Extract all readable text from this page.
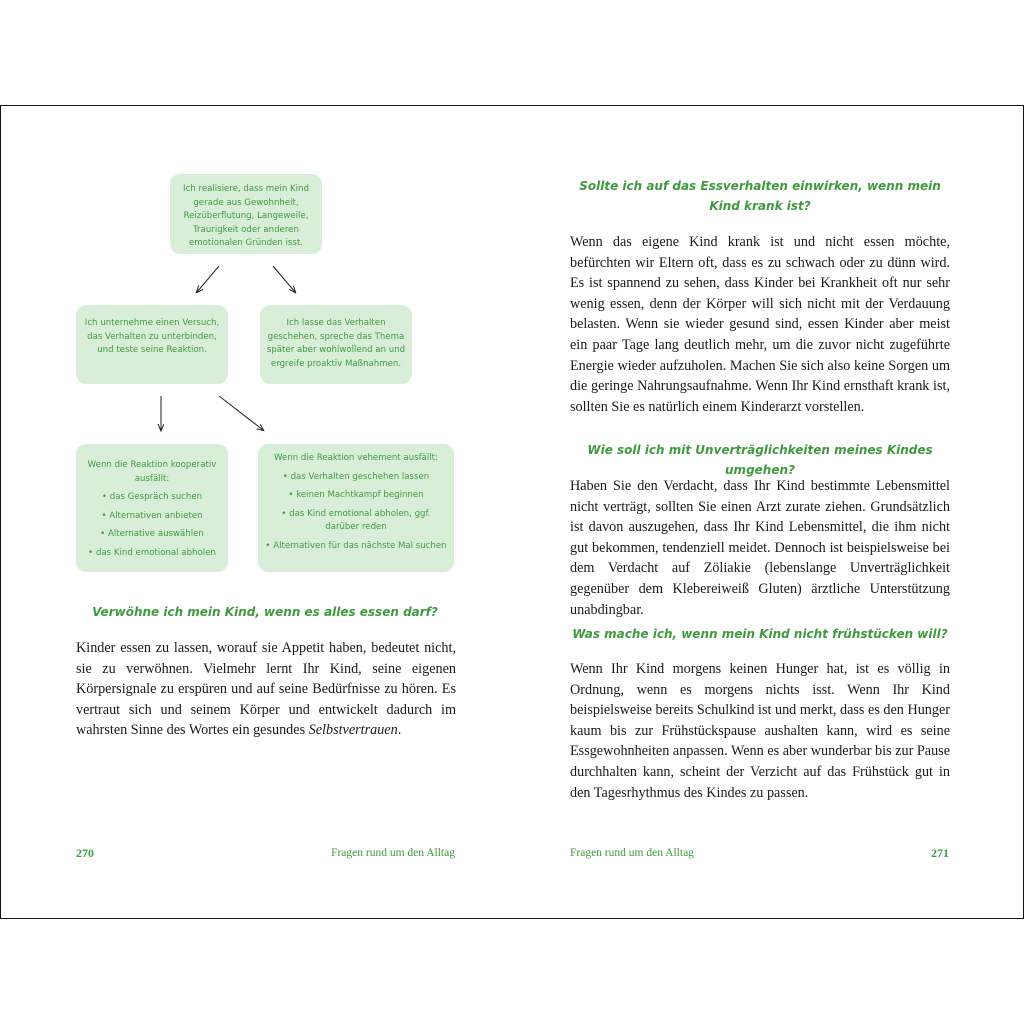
Ich realisiere, dass mein Kind gerade aus Gewohnheit, Reizüberflutung, Langeweile, Traurigkeit oder anderen emotionalen Gründen isst.
Ich unternehme einen Versuch, das Verhalten zu unterbinden, und teste seine Reaktion.
Ich lasse das Verhalten geschehen, spreche das Thema später aber wohlwollend an und ergreife proaktiv Maßnahmen.

Wenn die Reaktion kooperativ ausfällt:

• das Gespräch suchen
• Alternativen anbieten
• Alternative auswählen
• das Kind emotional abholen

Wenn die Reaktion vehement ausfällt:

• das Verhalten geschehen lassen
• keinen Machtkampf beginnen
• das Kind emotional abholen, ggf. darüber reden
• Alternativen für das nächste Mal suchen
Verwöhne ich mein Kind, wenn es alles essen darf?

Kinder essen zu lassen, worauf sie Appetit haben, bedeutet nicht, sie zu verwöhnen. Vielmehr lernt Ihr Kind, seine eigenen Körpersignale zu erspüren und auf seine Bedürfnisse zu hören. Es vertraut sich und seinem Körper und entwickelt dadurch im wahrsten Sinne des Wortes ein gesundes Selbstvertrauen.

270	Fragen rund um den Alltag
Sollte ich auf das Essverhalten einwirken, wenn mein Kind krank ist?

Wenn das eigene Kind krank ist und nicht essen möchte, befürchten wir Eltern oft, dass es zu schwach oder zu dünn wird. Es ist spannend zu sehen, dass Kinder bei Krankheit oft nur sehr wenig essen, denn der Körper will sich nicht mit der Verdauung belasten. Wenn sie wieder gesund sind, essen Kinder aber meist ein paar Tage lang deutlich mehr, um die zuvor nicht zugeführte Energie wieder aufzuholen. Machen Sie sich also keine Sorgen um die geringe Nahrungsaufnahme. Wenn Ihr Kind ernsthaft krank ist, sollten Sie es natürlich einem Kinderarzt vorstellen.

Wie soll ich mit Unverträglichkeiten meines Kindes umgehen?

Haben Sie den Verdacht, dass Ihr Kind bestimmte Lebensmittel nicht verträgt, sollten Sie einen Arzt zurate ziehen. Grundsätzlich ist davon auszugehen, dass Ihr Kind Lebensmittel, die ihm nicht gut bekommen, tendenziell meidet. Dennoch ist beispielsweise bei dem Verdacht auf Zöliakie (lebenslange Unverträglichkeit gegenüber dem Klebereiweiß Gluten) ärztliche Unterstützung unabdingbar.

Was mache ich, wenn mein Kind nicht frühstücken will?

Wenn Ihr Kind morgens keinen Hunger hat, ist es völlig in Ordnung, wenn es morgens nichts isst. Wenn Ihr Kind beispielsweise bereits Schulkind ist und merkt, dass es den Hunger kaum bis zur Frühstückspause aushalten kann, wird es seine Essgewohnheiten anpassen. Wenn es aber wunderbar bis zur Pause durchhalten kann, scheint der Verzicht auf das Frühstück gut in den Tagesrhythmus des Kindes zu passen.

Fragen rund um den Alltag	271
